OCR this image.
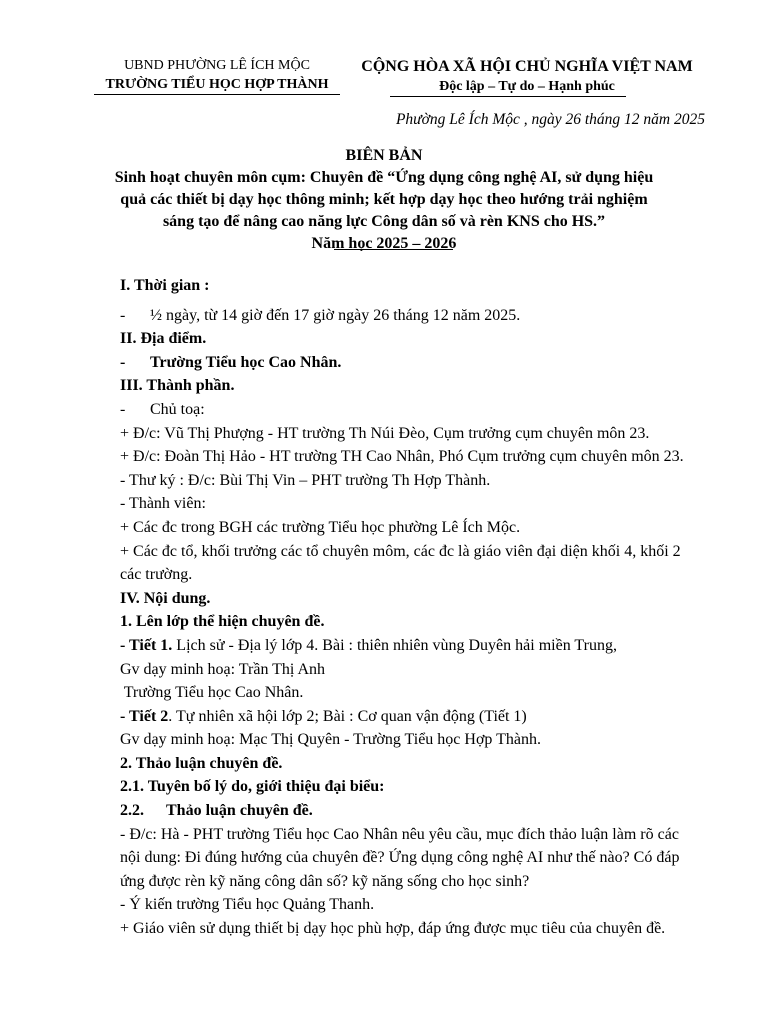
UBND PHƯỜNG LÊ ÍCH MỘC
TRƯỜNG TIỂU HỌC HỢP THÀNH
CỘNG HÒA XÃ HỘI CHỦ NGHĨA VIỆT NAM
Độc lập – Tự do – Hạnh phúc
Phường Lê Ích Mộc , ngày 26 tháng 12 năm 2025
BIÊN BẢN
Sinh hoạt chuyên môn cụm: Chuyên đề “Ứng dụng công nghệ AI, sử dụng hiệu quả các thiết bị dạy học thông minh; kết hợp dạy học theo hướng trải nghiệm sáng tạo để nâng cao năng lực Công dân số và rèn KNS cho HS.”
Năm học 2025 – 2026

I. Thời gian :

- ½ ngày, từ 14 giờ đến 17 giờ ngày 26 tháng 12 năm 2025.

II. Địa điểm.

- Trường Tiểu học Cao Nhân.

III. Thành phần.

- Chủ toạ:

+ Đ/c: Vũ Thị Phượng - HT trường Th Núi Đèo, Cụm trưởng cụm chuyên môn 23.

+ Đ/c: Đoàn Thị Hảo - HT trường TH Cao Nhân, Phó Cụm trưởng cụm chuyên môn 23.

- Thư ký : Đ/c: Bùi Thị Vin – PHT trường Th Hợp Thành.

- Thành viên:

+ Các đc trong BGH các trường Tiểu học phường Lê Ích Mộc.

+ Các đc tổ, khối trưởng các tổ chuyên môm, các đc là giáo viên đại diện khối 4, khối 2 các trường.

IV. Nội dung.

1. Lên lớp thể hiện chuyên đề.

- Tiết 1. Lịch sử - Địa lý lớp 4. Bài : thiên nhiên vùng Duyên hải miền Trung,

Gv dạy minh hoạ: Trần Thị Anh

Trường Tiểu học Cao Nhân.

- Tiết 2. Tự nhiên xã hội lớp 2; Bài : Cơ quan vận động (Tiết 1)

Gv dạy minh hoạ: Mạc Thị Quyên - Trường Tiểu học Hợp Thành.

2. Thảo luận chuyên đề.

2.1. Tuyên bố lý do, giới thiệu đại biểu:

2.2. Thảo luận chuyên đề.

- Đ/c: Hà - PHT trường Tiểu học Cao Nhân nêu yêu cầu, mục đích thảo luận làm rõ các nội dung: Đi đúng hướng của chuyên đề? Ứng dụng công nghệ AI như thế nào? Có đáp ứng được rèn kỹ năng công dân số? kỹ năng sống cho học sinh?

- Ý kiến trường Tiểu học Quảng Thanh.

+ Giáo viên sử dụng thiết bị dạy học phù hợp, đáp ứng được mục tiêu của chuyên đề.
